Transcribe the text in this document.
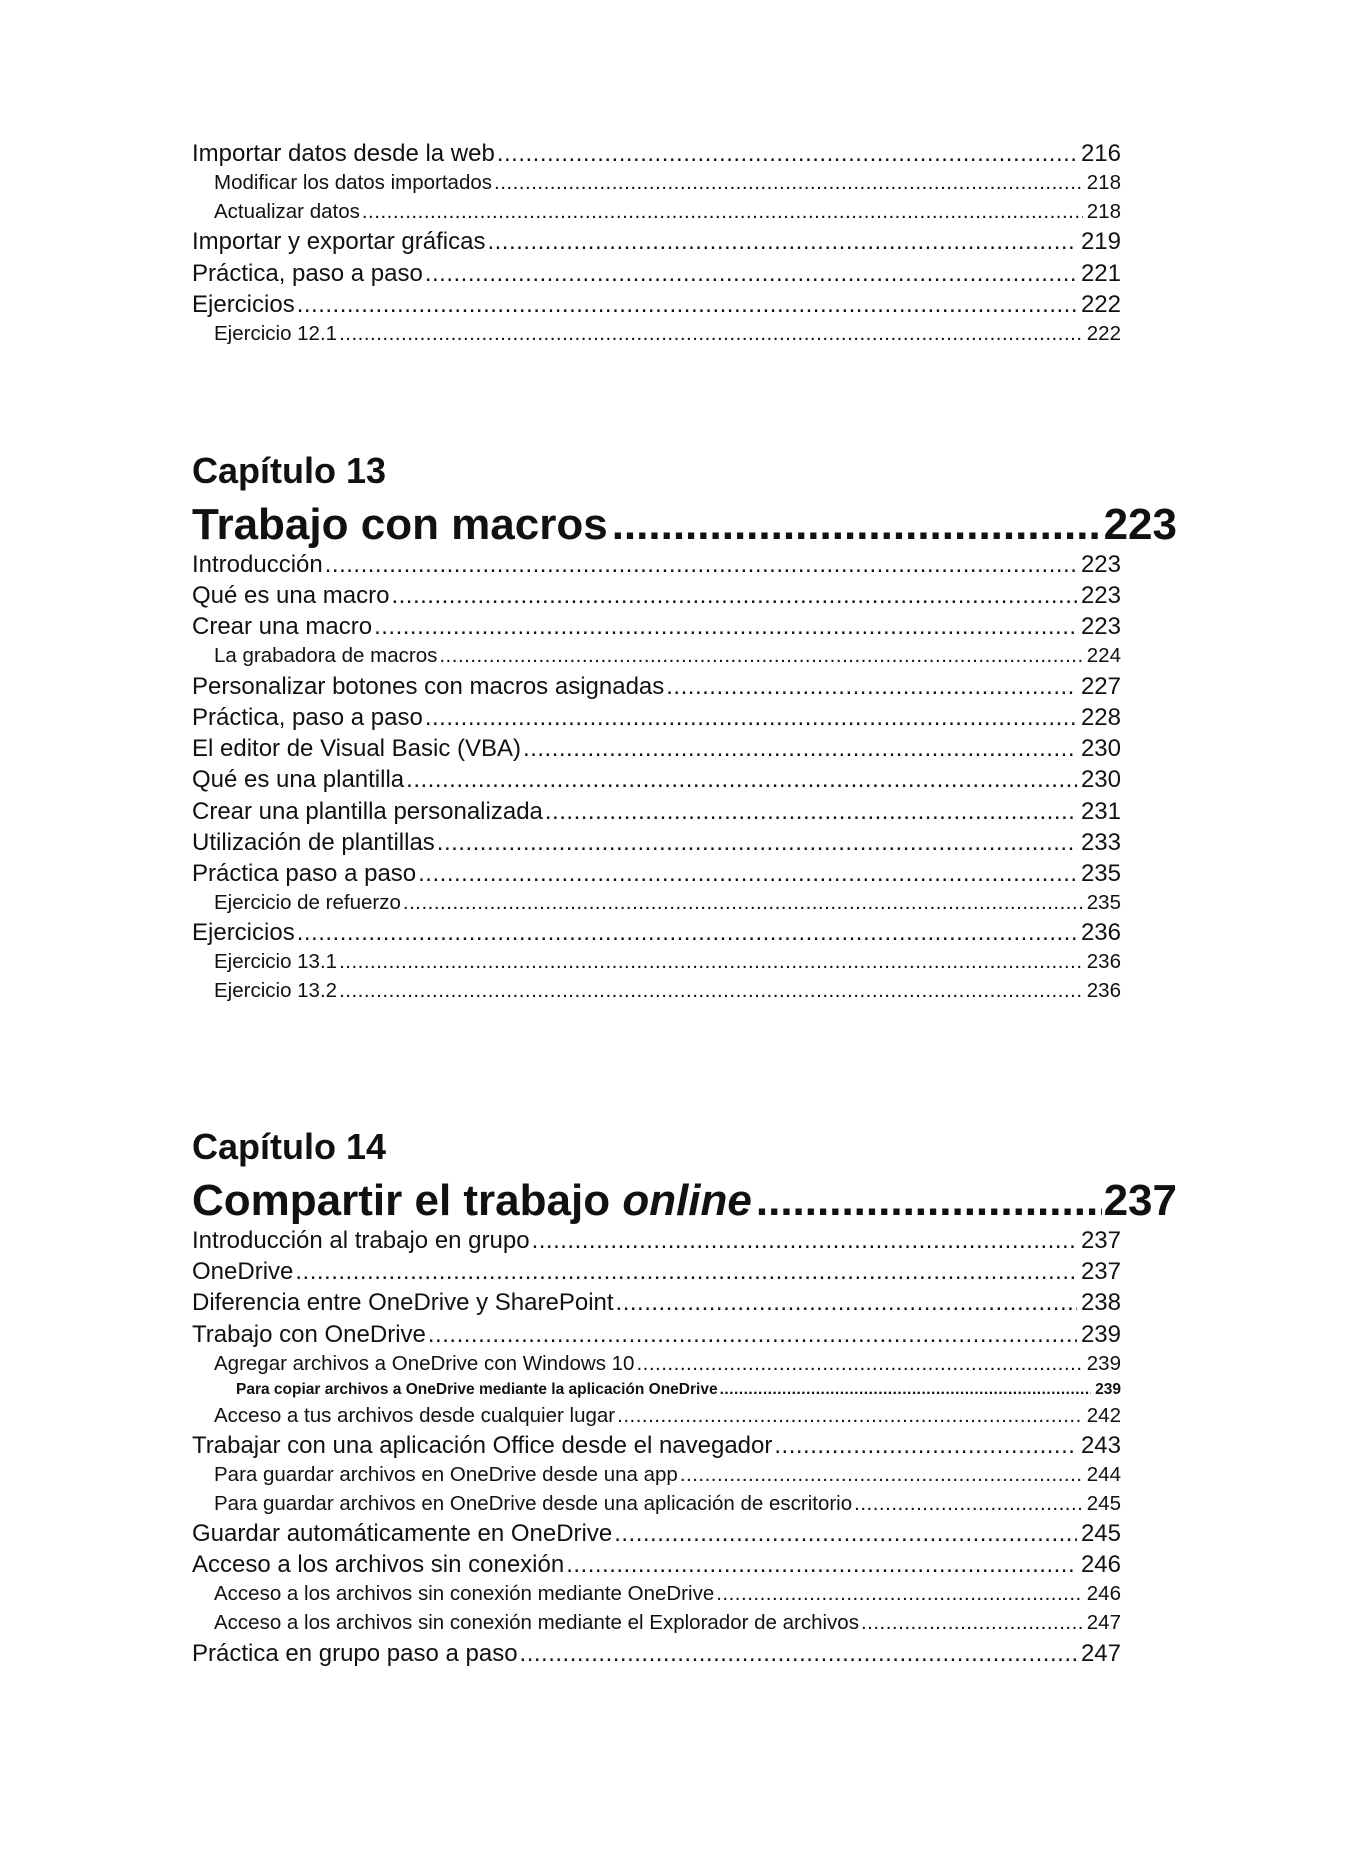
Importar datos desde la web .....	216
Modificar los datos importados .....	218
Actualizar datos .....	218
Importar y exportar gráficas .....	219
Práctica, paso a paso .....	221
Ejercicios .....	222
Ejercicio 12.1 .....	222
Capítulo 13
Trabajo con macros .....	223
Introducción .....	223
Qué es una macro .....	223
Crear una macro .....	223
La grabadora de macros .....	224
Personalizar botones con macros asignadas .....	227
Práctica, paso a paso .....	228
El editor de Visual Basic (VBA) .....	230
Qué es una plantilla .....	230
Crear una plantilla personalizada .....	231
Utilización de plantillas .....	233
Práctica paso a paso .....	235
Ejercicio de refuerzo .....	235
Ejercicios .....	236
Ejercicio 13.1 .....	236
Ejercicio 13.2 .....	236
Capítulo 14
Compartir el trabajo online .....	237
Introducción al trabajo en grupo .....	237
OneDrive .....	237
Diferencia entre OneDrive y SharePoint .....	238
Trabajo con OneDrive .....	239
Agregar archivos a OneDrive con Windows 10 .....	239
Para copiar archivos a OneDrive mediante la aplicación OneDrive .....	239
Acceso a tus archivos desde cualquier lugar .....	242
Trabajar con una aplicación Office desde el navegador .....	243
Para guardar archivos en OneDrive desde una app .....	244
Para guardar archivos en OneDrive desde una aplicación de escritorio .....	245
Guardar automáticamente en OneDrive .....	245
Acceso a los archivos sin conexión .....	246
Acceso a los archivos sin conexión mediante OneDrive .....	246
Acceso a los archivos sin conexión mediante el Explorador de archivos .....	247
Práctica en grupo paso a paso .....	247
